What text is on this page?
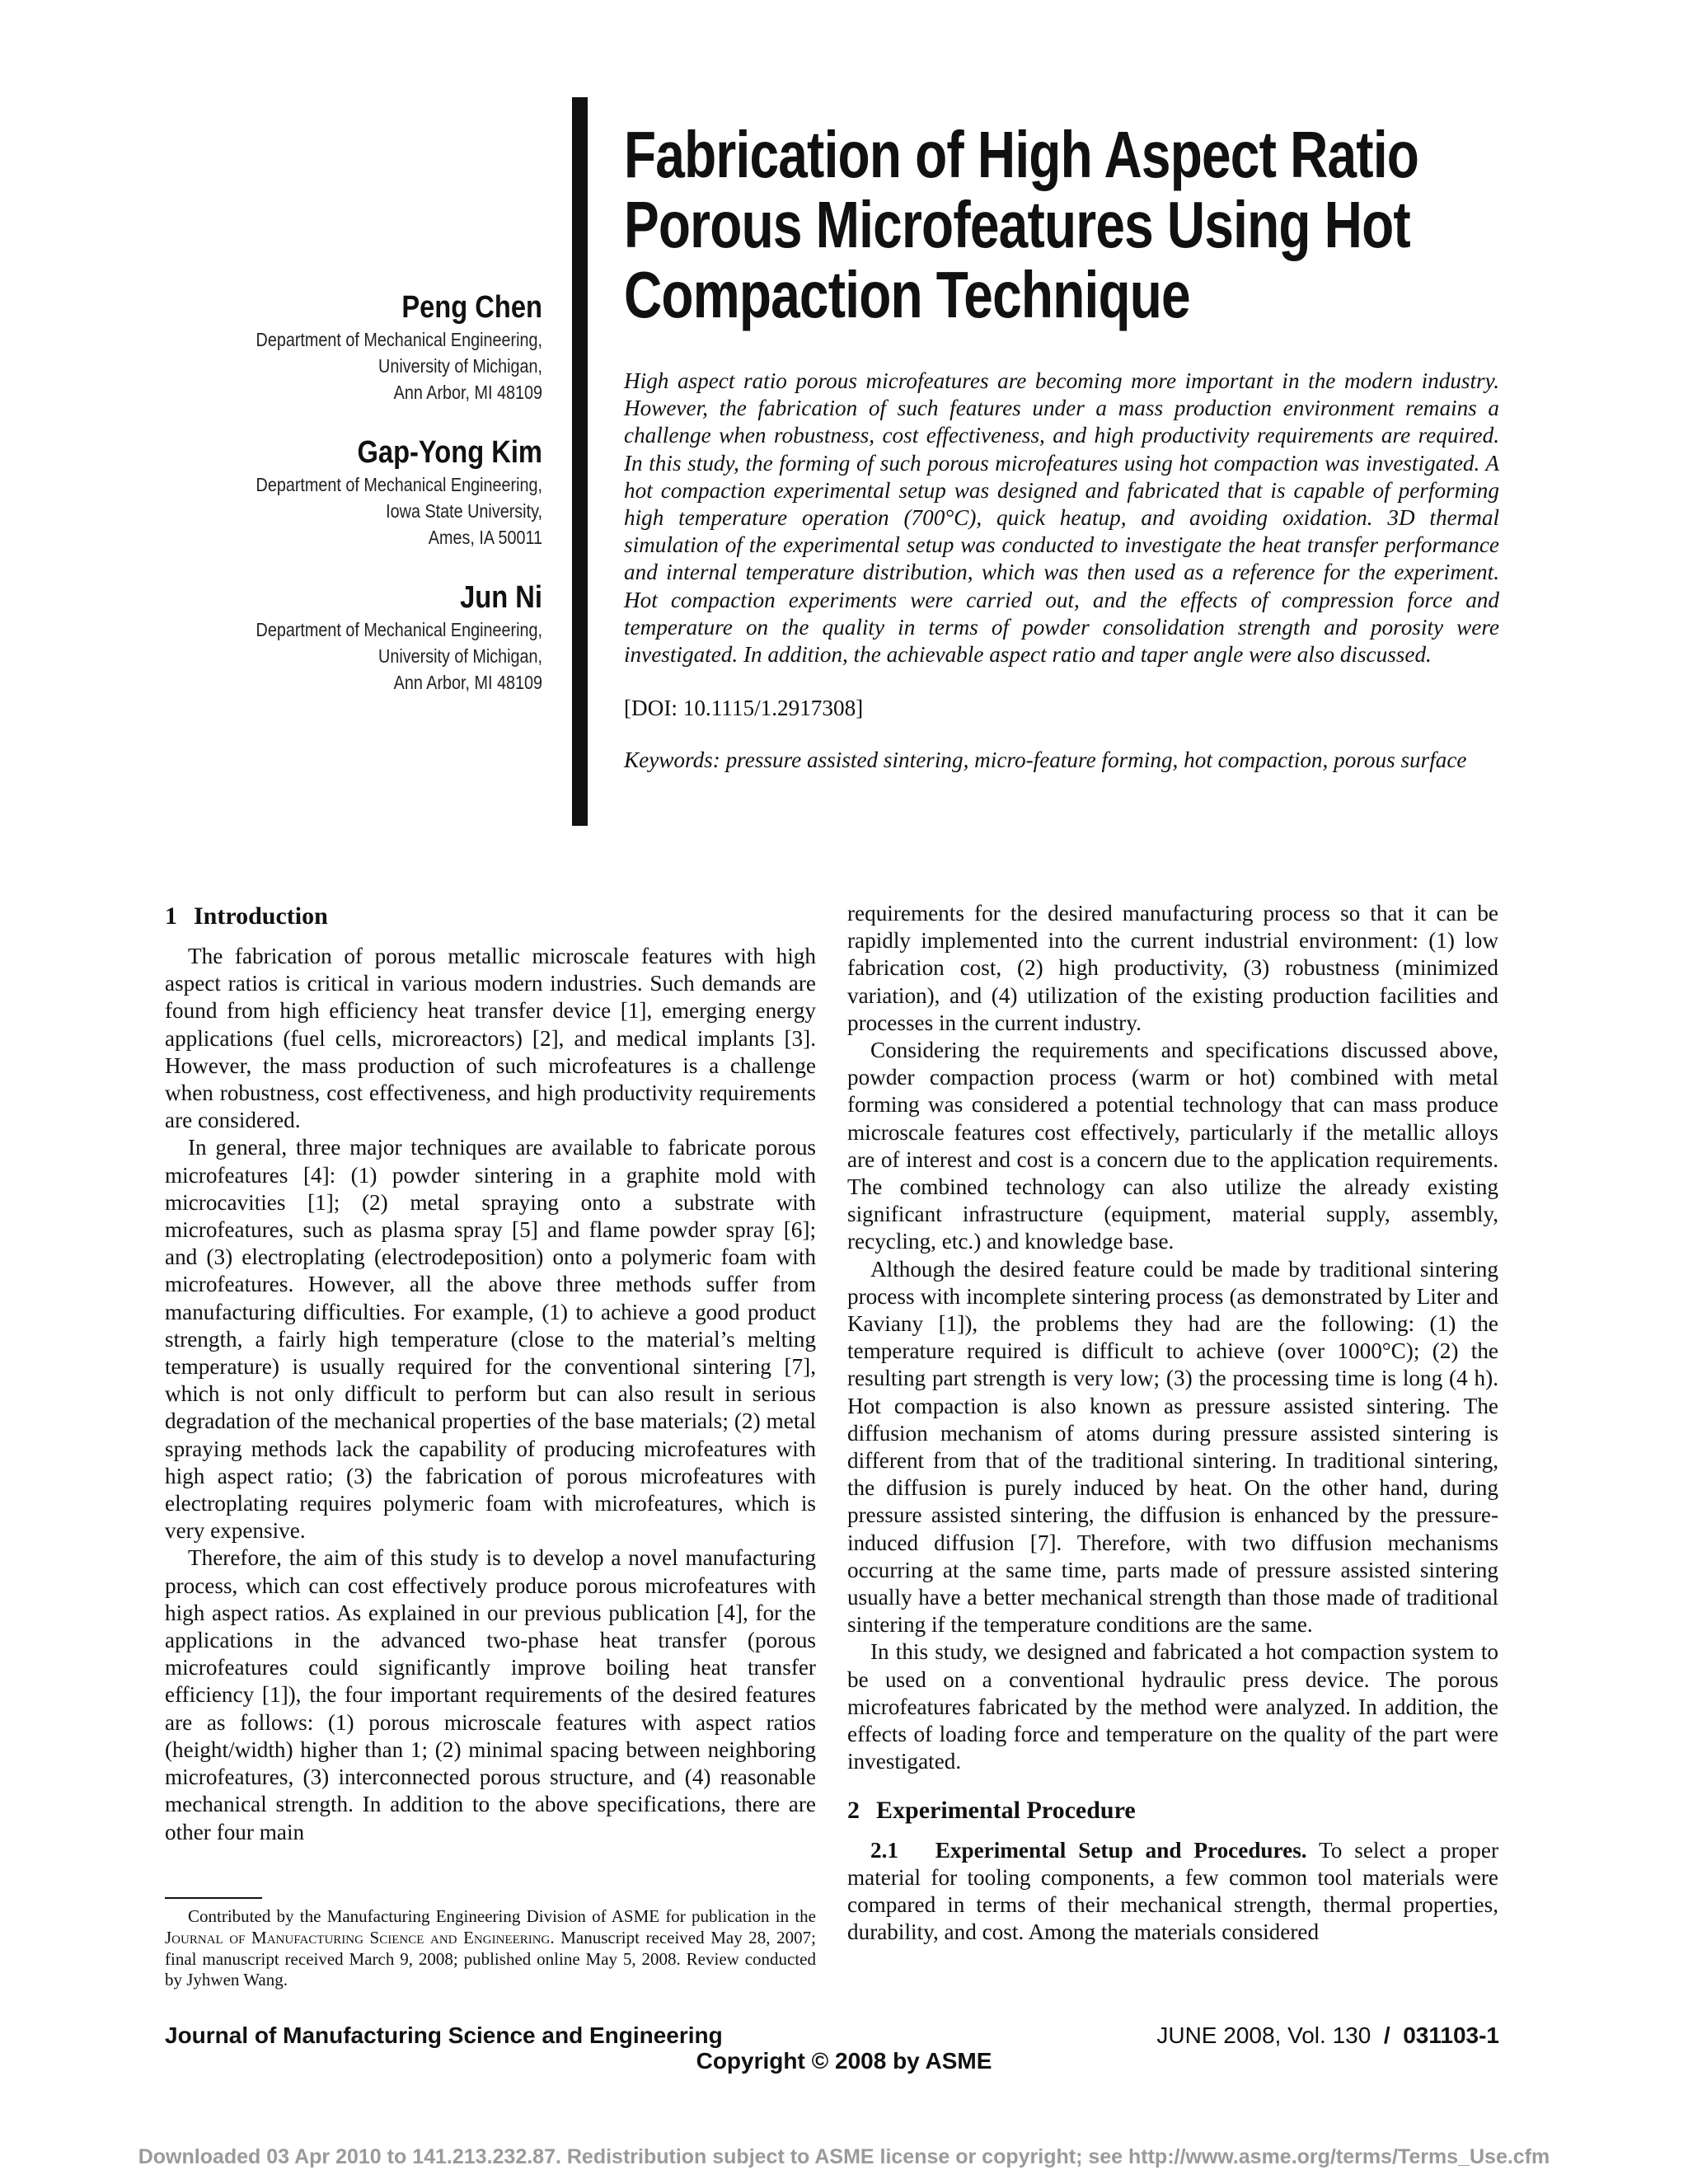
Peng Chen
Department of Mechanical Engineering,
University of Michigan,
Ann Arbor, MI 48109
Gap-Yong Kim
Department of Mechanical Engineering,
Iowa State University,
Ames, IA 50011
Jun Ni
Department of Mechanical Engineering,
University of Michigan,
Ann Arbor, MI 48109
Fabrication of High Aspect Ratio
Porous Microfeatures Using Hot
Compaction Technique
High aspect ratio porous microfeatures are becoming more important in the modern industry. However, the fabrication of such features under a mass production environment remains a challenge when robustness, cost effectiveness, and high productivity requirements are required. In this study, the forming of such porous microfeatures using hot compaction was investigated. A hot compaction experimental setup was designed and fabricated that is capable of performing high temperature operation (700°C), quick heatup, and avoiding oxidation. 3D thermal simulation of the experimental setup was conducted to investigate the heat transfer performance and internal temperature distribution, which was then used as a reference for the experiment. Hot compaction experiments were carried out, and the effects of compression force and temperature on the quality in terms of powder consolidation strength and porosity were investigated. In addition, the achievable aspect ratio and taper angle were also discussed.
[DOI: 10.1115/1.2917308]
Keywords: pressure assisted sintering, micro-feature forming, hot compaction, porous surface
1 Introduction

The fabrication of porous metallic microscale features with high aspect ratios is critical in various modern industries. Such demands are found from high efficiency heat transfer device [1], emerging energy applications (fuel cells, microreactors) [2], and medical implants [3]. However, the mass production of such microfeatures is a challenge when robustness, cost effectiveness, and high productivity requirements are considered.

In general, three major techniques are available to fabricate porous microfeatures [4]: (1) powder sintering in a graphite mold with microcavities [1]; (2) metal spraying onto a substrate with microfeatures, such as plasma spray [5] and flame powder spray [6]; and (3) electroplating (electrodeposition) onto a polymeric foam with microfeatures. However, all the above three methods suffer from manufacturing difficulties. For example, (1) to achieve a good product strength, a fairly high temperature (close to the material’s melting temperature) is usually required for the conventional sintering [7], which is not only difficult to perform but can also result in serious degradation of the mechanical properties of the base materials; (2) metal spraying methods lack the capability of producing microfeatures with high aspect ratio; (3) the fabrication of porous microfeatures with electroplating requires polymeric foam with microfeatures, which is very expensive.

Therefore, the aim of this study is to develop a novel manufacturing process, which can cost effectively produce porous microfeatures with high aspect ratios. As explained in our previous publication [4], for the applications in the advanced two-phase heat transfer (porous microfeatures could significantly improve boiling heat transfer efficiency [1]), the four important requirements of the desired features are as follows: (1) porous microscale features with aspect ratios (height/width) higher than 1; (2) minimal spacing between neighboring microfeatures, (3) interconnected porous structure, and (4) reasonable mechanical strength. In addition to the above specifications, there are other four main

requirements for the desired manufacturing process so that it can be rapidly implemented into the current industrial environment: (1) low fabrication cost, (2) high productivity, (3) robustness (minimized variation), and (4) utilization of the existing production facilities and processes in the current industry.

Considering the requirements and specifications discussed above, powder compaction process (warm or hot) combined with metal forming was considered a potential technology that can mass produce microscale features cost effectively, particularly if the metallic alloys are of interest and cost is a concern due to the application requirements. The combined technology can also utilize the already existing significant infrastructure (equipment, material supply, assembly, recycling, etc.) and knowledge base.

Although the desired feature could be made by traditional sintering process with incomplete sintering process (as demonstrated by Liter and Kaviany [1]), the problems they had are the following: (1) the temperature required is difficult to achieve (over 1000°C); (2) the resulting part strength is very low; (3) the processing time is long (4 h). Hot compaction is also known as pressure assisted sintering. The diffusion mechanism of atoms during pressure assisted sintering is different from that of the traditional sintering. In traditional sintering, the diffusion is purely induced by heat. On the other hand, during pressure assisted sintering, the diffusion is enhanced by the pressure-induced diffusion [7]. Therefore, with two diffusion mechanisms occurring at the same time, parts made of pressure assisted sintering usually have a better mechanical strength than those made of traditional sintering if the temperature conditions are the same.

In this study, we designed and fabricated a hot compaction system to be used on a conventional hydraulic press device. The porous microfeatures fabricated by the method were analyzed. In addition, the effects of loading force and temperature on the quality of the part were investigated.

2 Experimental Procedure

2.1 Experimental Setup and Procedures. To select a proper material for tooling components, a few common tool materials were compared in terms of their mechanical strength, thermal properties, durability, and cost. Among the materials considered

Contributed by the Manufacturing Engineering Division of ASME for publication in the Journal of Manufacturing Science and Engineering. Manuscript received May 28, 2007; final manuscript received March 9, 2008; published online May 5, 2008. Review conducted by Jyhwen Wang.
Journal of Manufacturing Science and Engineering	JUNE 2008, Vol. 130 / 031103-1
Copyright © 2008 by ASME
Downloaded 03 Apr 2010 to 141.213.232.87. Redistribution subject to ASME license or copyright; see http://www.asme.org/terms/Terms_Use.cfm
